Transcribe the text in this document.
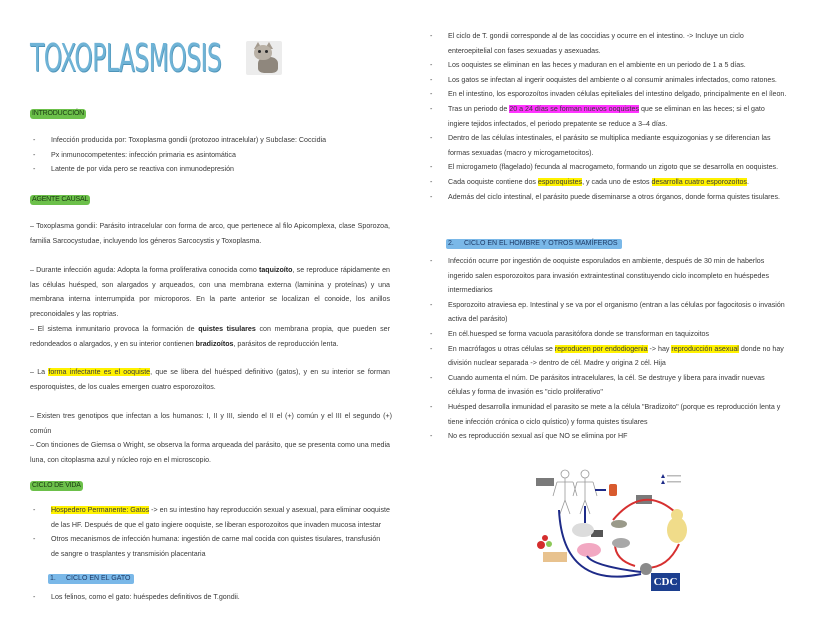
TOXOPLASMOSIS
INTRODUCCIÓN
- Infección producida por: Toxoplasma gondii (protozoo intracelular) y Subclase: Coccidia
- Px inmunocompetentes: infección primaria es asintomática
- Latente de por vida pero se reactiva con inmunodepresión
AGENTE CAUSAL

– Toxoplasma gondii: Parásito intracelular con forma de arco, que pertenece al filo Apicomplexa, clase Sporozoa, familia Sarcocystudae, incluyendo los géneros Sarcocystis y Toxoplasma.

– Durante infección aguda: Adopta la forma proliferativa conocida como taquizoíto, se reproduce rápidamente en las células huésped, son alargados y arqueados, con una membrana externa (laminina y proteínas) y una membrana interna interrumpida por microporos. En la parte anterior se localizan el conoide, los anillos preconoidales y las roptrias.

– El sistema inmunitario provoca la formación de quistes tisulares con membrana propia, que pueden ser redondeados o alargados, y en su interior contienen bradizoítos, parásitos de reproducción lenta.

– La forma infectante es el ooquiste, que se libera del huésped definitivo (gatos), y en su interior se forman esporoquistes, de los cuales emergen cuatro esporozoítos.

– Existen tres genotipos que infectan a los humanos: I, II y III, siendo el II el (+) común y el III el segundo (+) común

– Con tinciones de Giemsa o Wright, se observa la forma arqueada del parásito, que se presenta como una media luna, con citoplasma azul y núcleo rojo en el microscopio.

CICLO DE VIDA
- Hospedero Permanente: Gatos -> en su intestino hay reproducción sexual y asexual, para eliminar ooquiste de las HF. Después de que el gato ingiere ooquiste, se liberan esporozoitos que invaden mucosa intestar
- Otros mecanismos de infección humana: ingestión de carne mal cocida con quistes tisulares, transfusión de sangre o trasplantes y transmisión placentaria
1. CICLO EN EL GATO
- Los felinos, como el gato: huéspedes definitivos de T.gondii.
- El ciclo de T. gondii corresponde al de las coccidias y ocurre en el intestino. -> Incluye un ciclo enteroepitelial con fases sexuadas y asexuadas.
- Los ooquistes se eliminan en las heces y maduran en el ambiente en un periodo de 1 a 5 días.
- Los gatos se infectan al ingerir ooquistes del ambiente o al consumir animales infectados, como ratones.
- En el intestino, los esporozoítos invaden células epiteliales del intestino delgado, principalmente en el íleon.
- Tras un periodo de 20 a 24 días se forman nuevos ooquistes que se eliminan en las heces; si el gato ingiere tejidos infectados, el periodo prepatente se reduce a 3–4 días.
- Dentro de las células intestinales, el parásito se multiplica mediante esquizogonias y se diferencian las formas sexuadas (macro y microgametocitos).
- El microgameto (flagelado) fecunda al macrogameto, formando un zigoto que se desarrolla en ooquistes.
- Cada ooquiste contiene dos esporoquistes, y cada uno de estos desarrolla cuatro esporozoítos.
- Además del ciclo intestinal, el parásito puede diseminarse a otros órganos, donde forma quistes tisulares.
2. CICLO EN EL HOMBRE Y OTROS MAMÍFEROS
- Infección ocurre por ingestión de ooquiste esporulados en ambiente, después de 30 min de haberlos ingerido salen esporozoitos para invasión extraintestinal constituyendo ciclo incompleto en huéspedes intermediarios
- Esporozoito atraviesa ep. Intestinal y se va por el organismo (entran a las células por fagocitosis o invasión activa del parásito)
- En cél.huesped se forma vacuola parasitófora donde se transforman en taquizoitos
- En macrófagos u otras células se reproducen por endodiogenia -> hay reproducción asexual donde no hay división nuclear separada -> dentro de cél. Madre y origina 2 cél. Hija
- Cuando aumenta el núm. De parásitos intracelulares, la cél. Se destruye y libera para invadir nuevas células y forma de invasión es "ciclo proliferativo"
- Huésped desarrolla inmunidad el parasito se mete a la célula "Bradizoito" (porque es reproducción lenta y tiene infección crónica o ciclo quístico) y forma quistes tisulares
- No es reproducción sexual así que NO se elimina por HF
CDC
